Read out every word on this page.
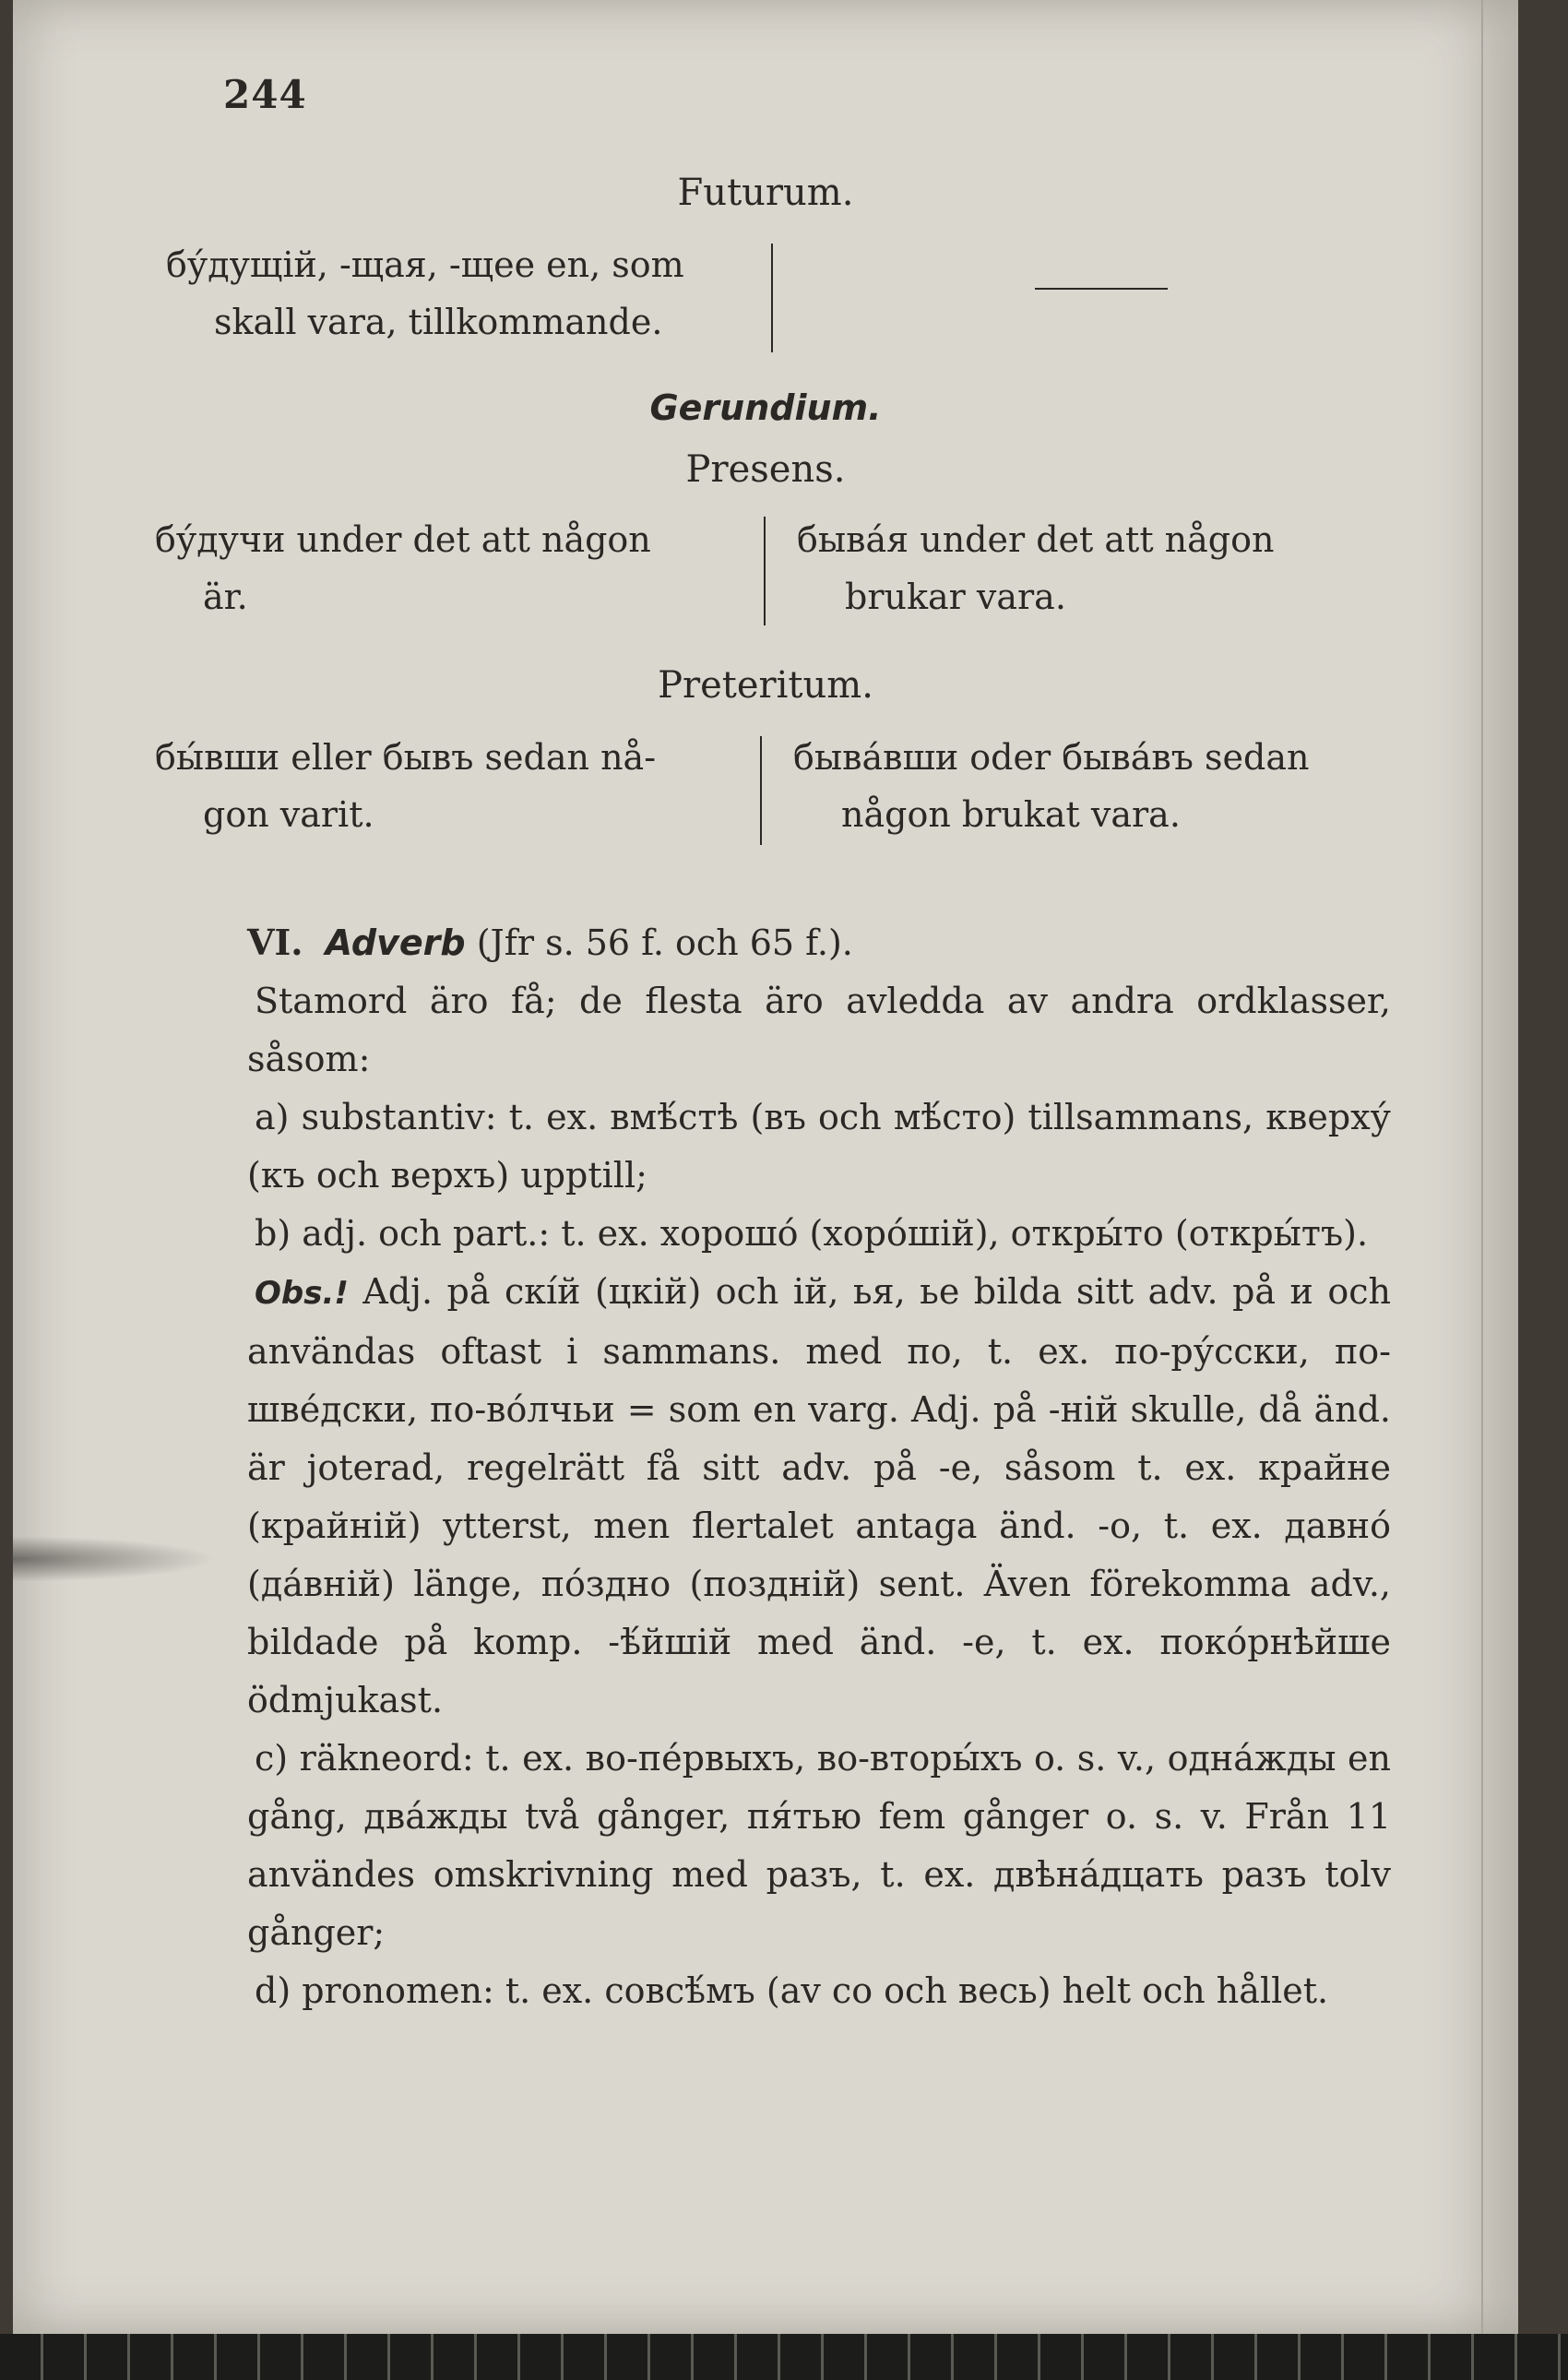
244
Futurum.
бу́дущій, -щая, -щее en, som
skall vara, tillkommande.
Gerundium.
Presens.
бу́дучи under det att någon
är.
быва́я under det att någon
brukar vara.
Preteritum.
бы́вши eller бывъ sedan nå-
gon varit.
быва́вши oder быва́въ sedan
någon brukat vara.

VI. Adverb (Jfr s. 56 f. och 65 f.).

Stamord äro få; de flesta äro avledda av andra ordklasser, såsom:

a) substantiv: t. ex. вмѣ́стѣ (въ och мѣ́сто) tillsammans, кверху́ (къ och верхъ) upptill;

b) adj. och part.: t. ex. хорошо́ (хоро́шій), откры́то (откры́тъ).

Obs.! Adj. på скі́й (цкій) och ій, ья, ье bilda sitt adv. på и och användas oftast i sammans. med по, t. ex. по-ру́сски, по-шве́дски, по-во́лчьи = som en varg. Adj. på -ній skulle, då änd. är joterad, regelrätt få sitt adv. på -е, såsom t. ex. крайне (крайній) ytterst, men flertalet antaga änd. -о, t. ex. давно́ (да́вній) länge, по́здно (поздній) sent. Även förekomma adv., bildade på komp. -ѣ́йшій med änd. -е, t. ex. поко́рнѣйше ödmjukast.

c) räkneord: t. ex. во-пе́рвыхъ, во-вторы́хъ o. s. v., одна́жды en gång, два́жды två gånger, пя́тью fem gånger o. s. v. Från 11 användes omskrivning med разъ, t. ex. двѣна́дцать разъ tolv gånger;

d) pronomen: t. ex. совсѣ́мъ (av со och весь) helt och hållet.
